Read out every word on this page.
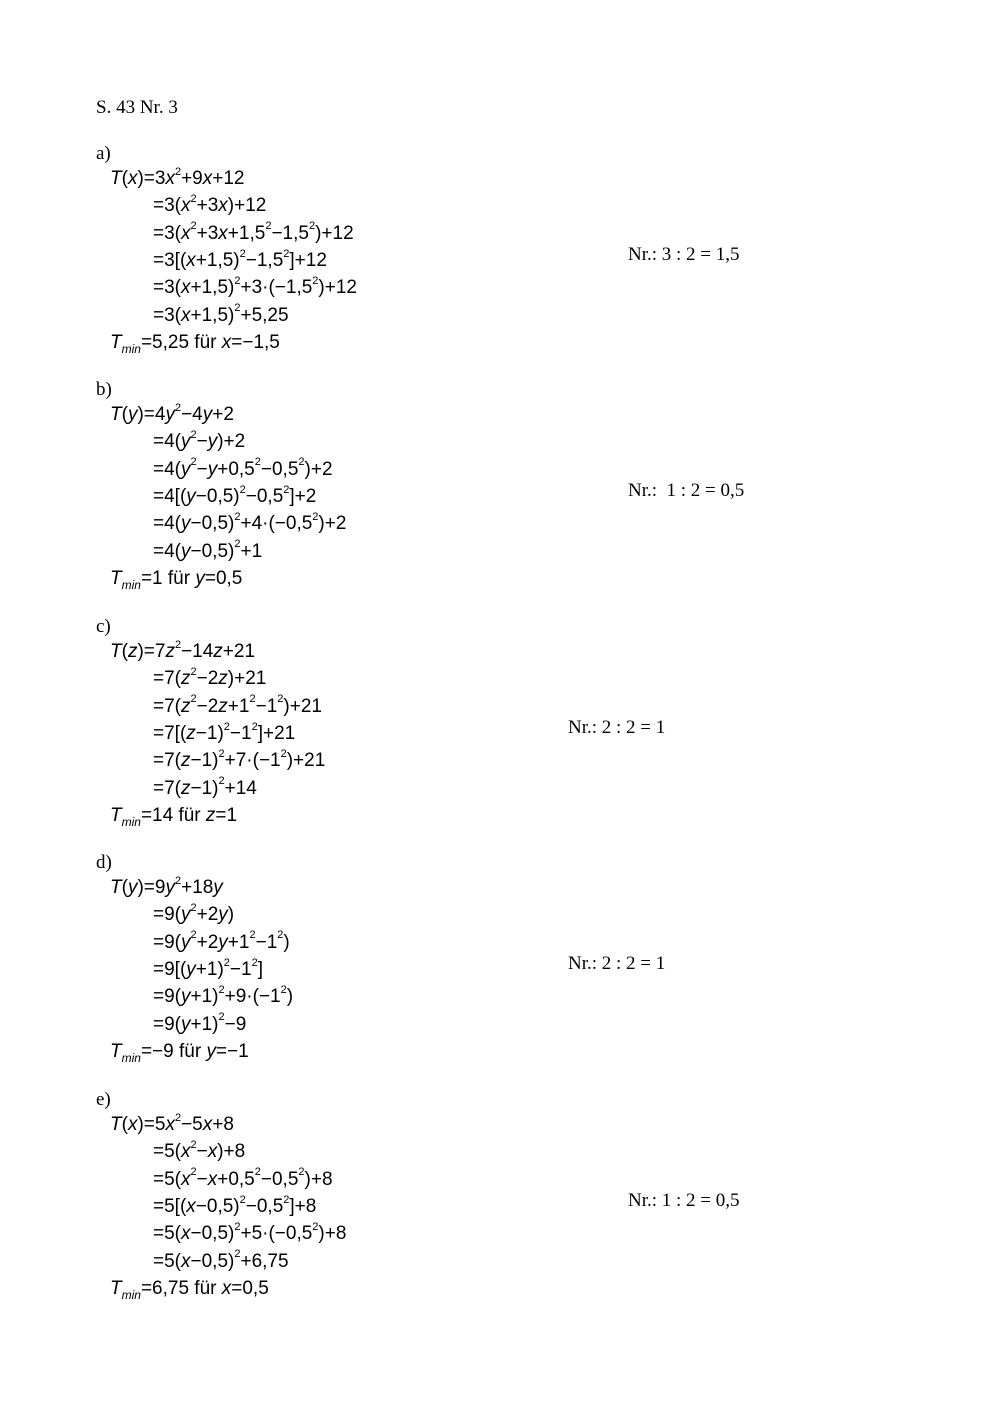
S. 43 Nr. 3
a)
$T(x)=3x^2+9x+12$
$=3(x^2+3x)+12$
$=3(x^2+3x+1,5^2-1,5^2)+12$
$=3[(x+1,5)^2-1,5^2]+12$
$=3(x+1,5)^2+3\cdot(-1,5^2)+12$
$=3(x+1,5)^2+5,25$
$T_{min}=5,25$ für x=−1,5
Nr.: 3 : 2 = 1,5
b)
$T(y)=4y^2-4y+2$
$=4(y^2-y)+2$
$=4(y^2-y+0,5^2-0,5^2)+2$
$=4[(y-0,5)^2-0,5^2]+2$
$=4(y-0,5)^2+4\cdot(-0,5^2)+2$
$=4(y-0,5)^2+1$
$T_{min}=1$ für y=0,5
Nr.:  1 : 2 = 0,5
c)
$T(z)=7z^2-14z+21$
$=7(z^2-2z)+21$
$=7(z^2-2z+1^2-1^2)+21$
$=7[(z-1)^2-1^2]+21$
$=7(z-1)^2+7\cdot(-1^2)+21$
$=7(z-1)^2+14$
$T_{min}=14$ für z=1
Nr.: 2 : 2 = 1
d)
$T(y)=9y^2+18y$
$=9(y^2+2y)$
$=9(y^2+2y+1^2-1^2)$
$=9[(y+1)^2-1^2]$
$=9(y+1)^2+9\cdot(-1^2)$
$=9(y+1)^2-9$
$T_{min}=-9$ für y=−1
Nr.: 2 : 2 = 1
e)
$T(x)=5x^2-5x+8$
$=5(x^2-x)+8$
$=5(x^2-x+0,5^2-0,5^2)+8$
$=5[(x-0,5)^2-0,5^2]+8$
$=5(x-0,5)^2+5\cdot(-0,5^2)+8$
$=5(x-0,5)^2+6,75$
$T_{min}=6,75$ für x=0,5
Nr.: 1 : 2 = 0,5
